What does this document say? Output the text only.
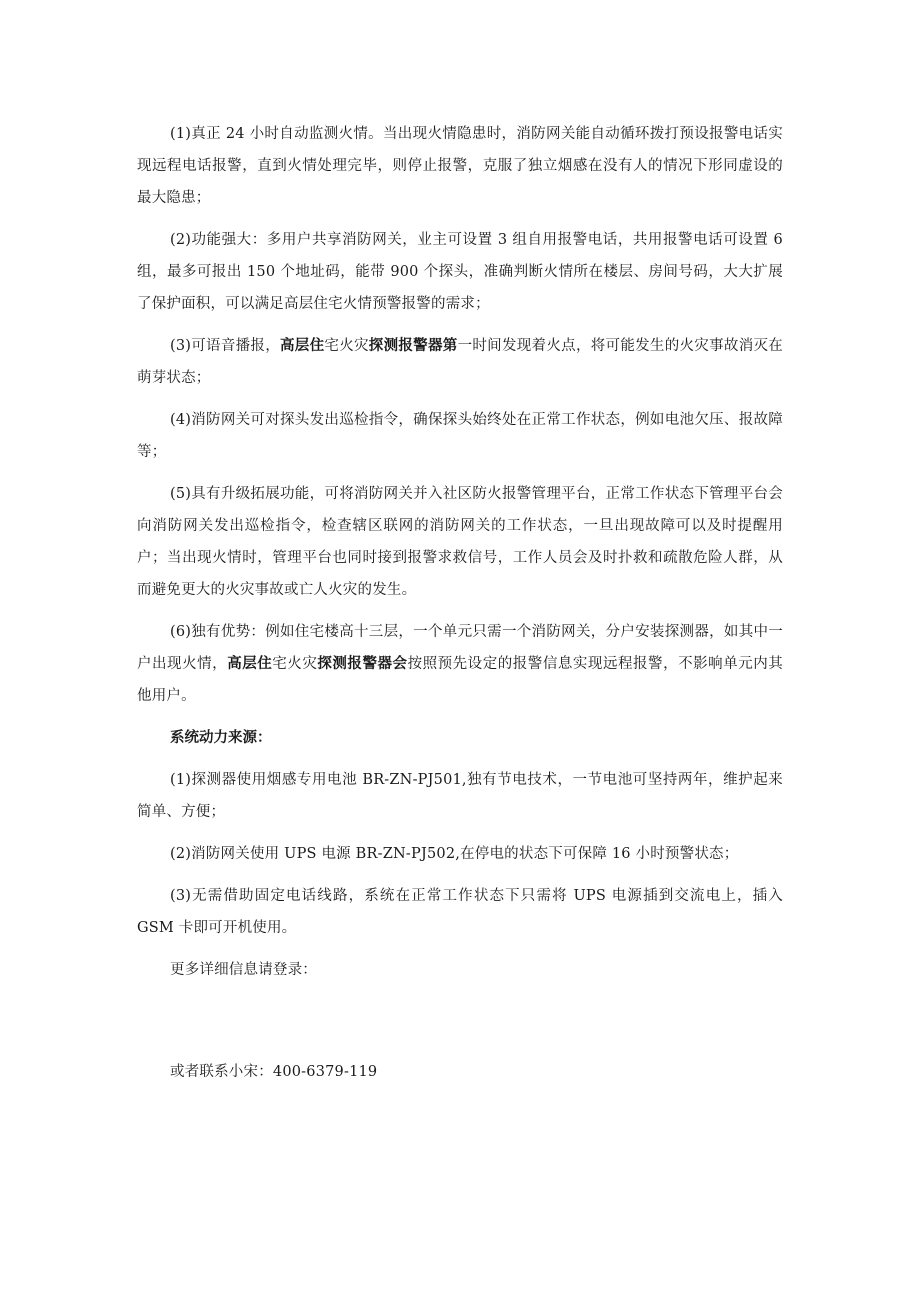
(1)真正 24 小时自动监测火情。当出现火情隐患时，消防网关能自动循环拨打预设报警电话实现远程电话报警，直到火情处理完毕，则停止报警，克服了独立烟感在没有人的情况下形同虚设的最大隐患；

(2)功能强大：多用户共享消防网关，业主可设置 3 组自用报警电话，共用报警电话可设置 6 组，最多可报出 150 个地址码，能带 900 个探头，准确判断火情所在楼层、房间号码，大大扩展了保护面积，可以满足高层住宅火情预警报警的需求；

(3)可语音播报，高层住宅火灾探测报警器第一时间发现着火点，将可能发生的火灾事故消灭在萌芽状态；

(4)消防网关可对探头发出巡检指令，确保探头始终处在正常工作状态，例如电池欠压、报故障等；

(5)具有升级拓展功能，可将消防网关并入社区防火报警管理平台，正常工作状态下管理平台会向消防网关发出巡检指令，检查辖区联网的消防网关的工作状态，一旦出现故障可以及时提醒用户；当出现火情时，管理平台也同时接到报警求救信号，工作人员会及时扑救和疏散危险人群，从而避免更大的火灾事故或亡人火灾的发生。

(6)独有优势：例如住宅楼高十三层，一个单元只需一个消防网关，分户安装探测器，如其中一户出现火情，高层住宅火灾探测报警器会按照预先设定的报警信息实现远程报警，不影响单元内其他用户。

系统动力来源：

(1)探测器使用烟感专用电池 BR-ZN-PJ501,独有节电技术，一节电池可坚持两年，维护起来简单、方便；

(2)消防网关使用 UPS 电源 BR-ZN-PJ502,在停电的状态下可保障 16 小时预警状态；

(3)无需借助固定电话线路，系统在正常工作状态下只需将 UPS 电源插到交流电上，插入 GSM 卡即可开机使用。

更多详细信息请登录：

或者联系小宋：400-6379-119
